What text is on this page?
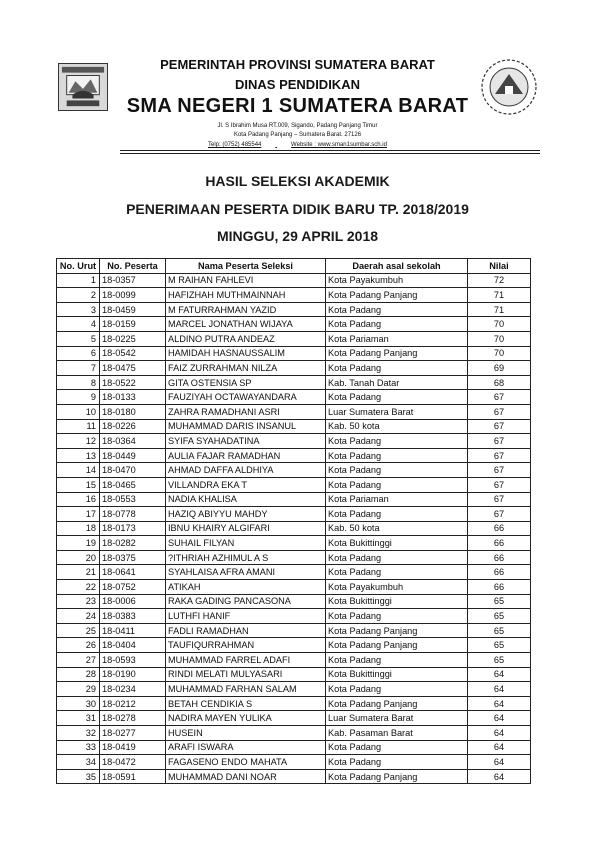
PEMERINTAH PROVINSI SUMATERA BARAT
DINAS PENDIDIKAN
SMA NEGERI 1 SUMATERA BARAT
Jl. S Ibrahim Musa RT.009, Sigando, Padang Panjang Timur
Kota Padang Panjang – Sumatera Barat. 27126
Telp: (0752) 485544	Website : www.sman1sumbar.sch.id
HASIL SELEKSI AKADEMIK
PENERIMAAN PESERTA DIDIK BARU TP. 2018/2019
MINGGU, 29 APRIL 2018
No. Urut	No. Peserta	Nama Peserta Seleksi	Daerah asal sekolah	Nilai
1	18-0357	M RAIHAN FAHLEVI	Kota Payakumbuh	72
2	18-0099	HAFIZHAH MUTHMAINNAH	Kota Padang Panjang	71
3	18-0459	M FATURRAHMAN YAZID	Kota Padang	71
4	18-0159	MARCEL JONATHAN WIJAYA	Kota Padang	70
5	18-0225	ALDINO PUTRA ANDEAZ	Kota Pariaman	70
6	18-0542	HAMIDAH HASNAUSSALIM	Kota Padang Panjang	70
7	18-0475	FAIZ ZURRAHMAN NILZA	Kota Padang	69
8	18-0522	GITA OSTENSIA SP	Kab. Tanah Datar	68
9	18-0133	FAUZIYAH OCTAWAYANDARA	Kota Padang	67
10	18-0180	ZAHRA RAMADHANI ASRI	Luar Sumatera Barat	67
11	18-0226	MUHAMMAD DARIS INSANUL	Kab. 50 kota	67
12	18-0364	SYIFA SYAHADATINA	Kota Padang	67
13	18-0449	AULIA FAJAR RAMADHAN	Kota Padang	67
14	18-0470	AHMAD DAFFA ALDHIYA	Kota Padang	67
15	18-0465	VILLANDRA EKA T	Kota Padang	67
16	18-0553	NADIA KHALISA	Kota Pariaman	67
17	18-0778	HAZIQ ABIYYU MAHDY	Kota Padang	67
18	18-0173	IBNU KHAIRY ALGIFARI	Kab. 50 kota	66
19	18-0282	SUHAIL FILYAN	Kota Bukittinggi	66
20	18-0375	?ITHRIAH AZHIMUL A S	Kota Padang	66
21	18-0641	SYAHLAISA AFRA AMANI	Kota Padang	66
22	18-0752	ATIKAH	Kota Payakumbuh	66
23	18-0006	RAKA GADING PANCASONA	Kota Bukittinggi	65
24	18-0383	LUTHFI HANIF	Kota Padang	65
25	18-0411	FADLI RAMADHAN	Kota Padang Panjang	65
26	18-0404	TAUFIQURRAHMAN	Kota Padang Panjang	65
27	18-0593	MUHAMMAD FARREL ADAFI	Kota Padang	65
28	18-0190	RINDI MELATI MULYASARI	Kota Bukittinggi	64
29	18-0234	MUHAMMAD FARHAN SALAM	Kota Padang	64
30	18-0212	BETAH CENDIKIA S	Kota Padang Panjang	64
31	18-0278	NADIRA MAYEN YULIKA	Luar Sumatera Barat	64
32	18-0277	HUSEIN	Kab. Pasaman Barat	64
33	18-0419	ARAFI ISWARA	Kota Padang	64
34	18-0472	FAGASENO ENDO MAHATA	Kota Padang	64
35	18-0591	MUHAMMAD DANI NOAR	Kota Padang Panjang	64
